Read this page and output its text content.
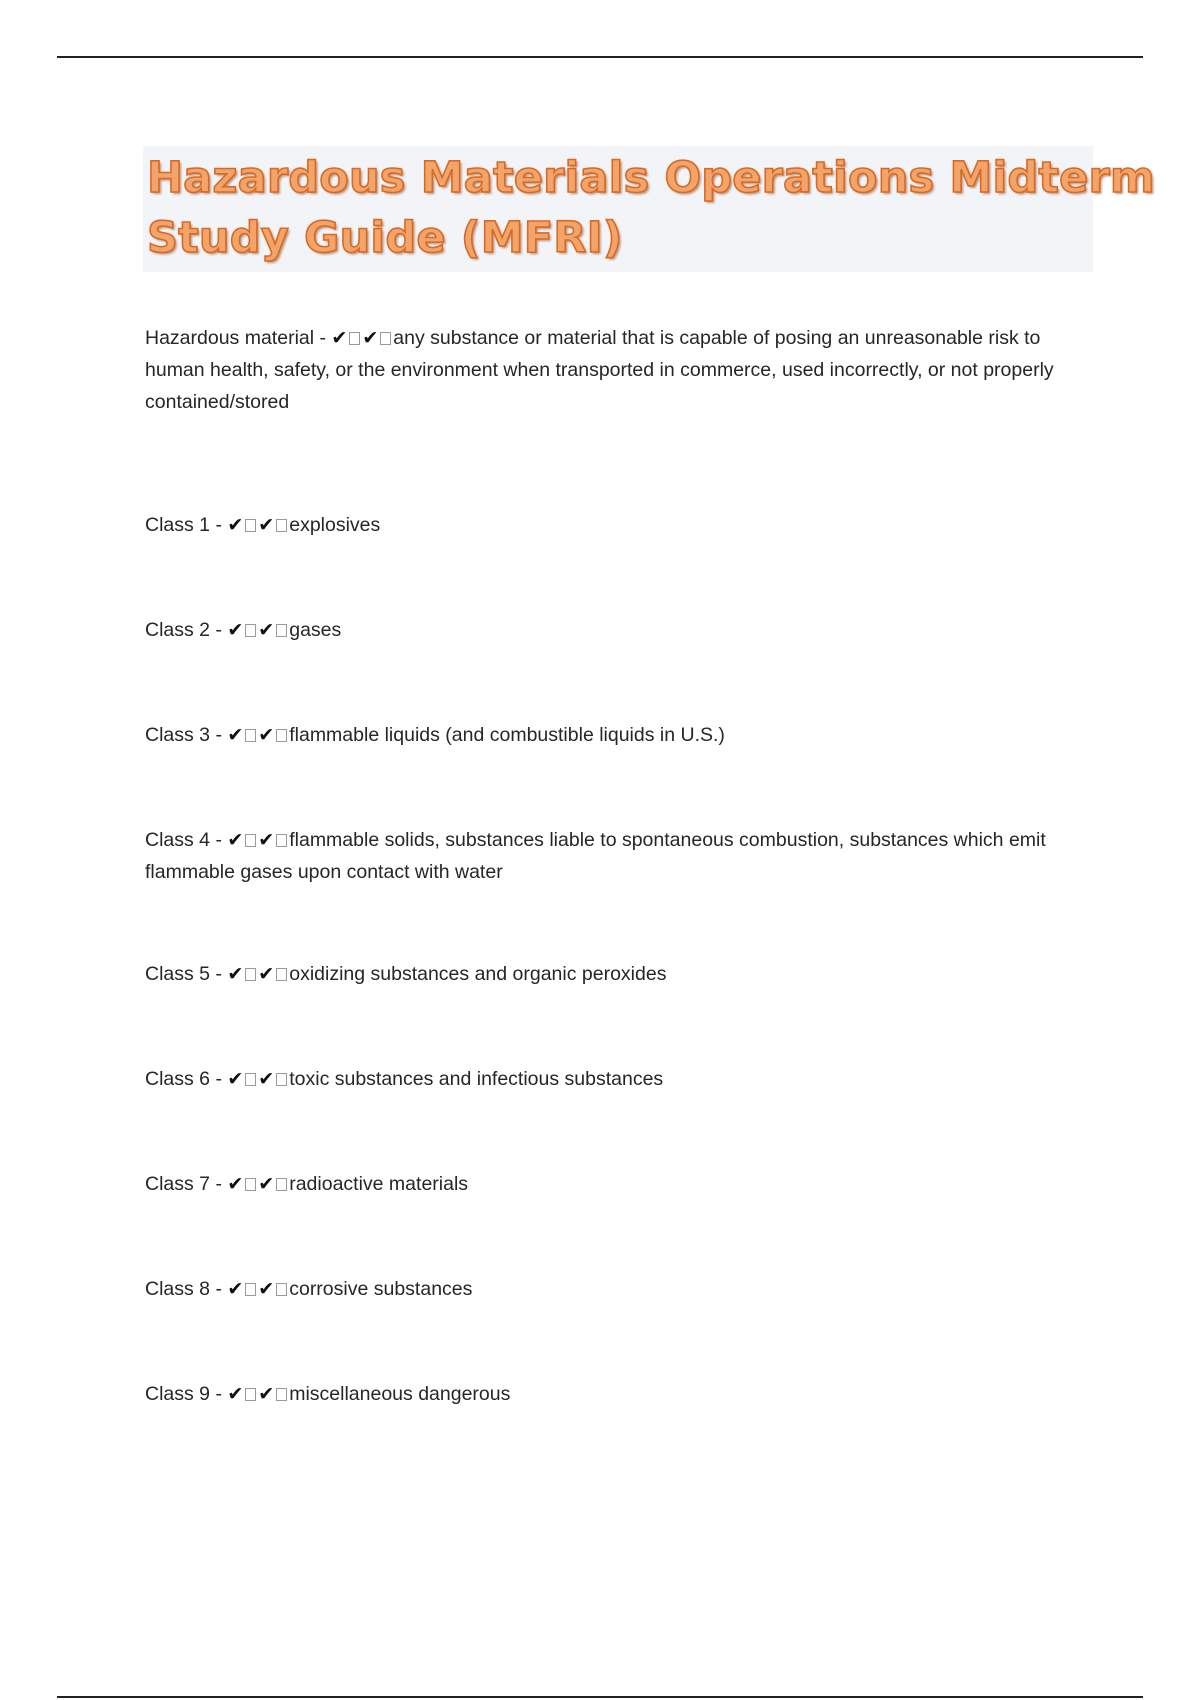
Hazardous Materials Operations Midterm
Study Guide (MFRI)
Hazardous material - ✔ ✔ any substance or material that is capable of posing an unreasonable risk to human health, safety, or the environment when transported in commerce, used incorrectly, or not properly contained/stored
Class 1 - ✔ ✔ explosives
Class 2 - ✔ ✔ gases
Class 3 - ✔ ✔ flammable liquids (and combustible liquids in U.S.)
Class 4 - ✔ ✔ flammable solids, substances liable to spontaneous combustion, substances which emit flammable gases upon contact with water
Class 5 - ✔ ✔ oxidizing substances and organic peroxides
Class 6 - ✔ ✔ toxic substances and infectious substances
Class 7 - ✔ ✔ radioactive materials
Class 8 - ✔ ✔ corrosive substances
Class 9 - ✔ ✔ miscellaneous dangerous
